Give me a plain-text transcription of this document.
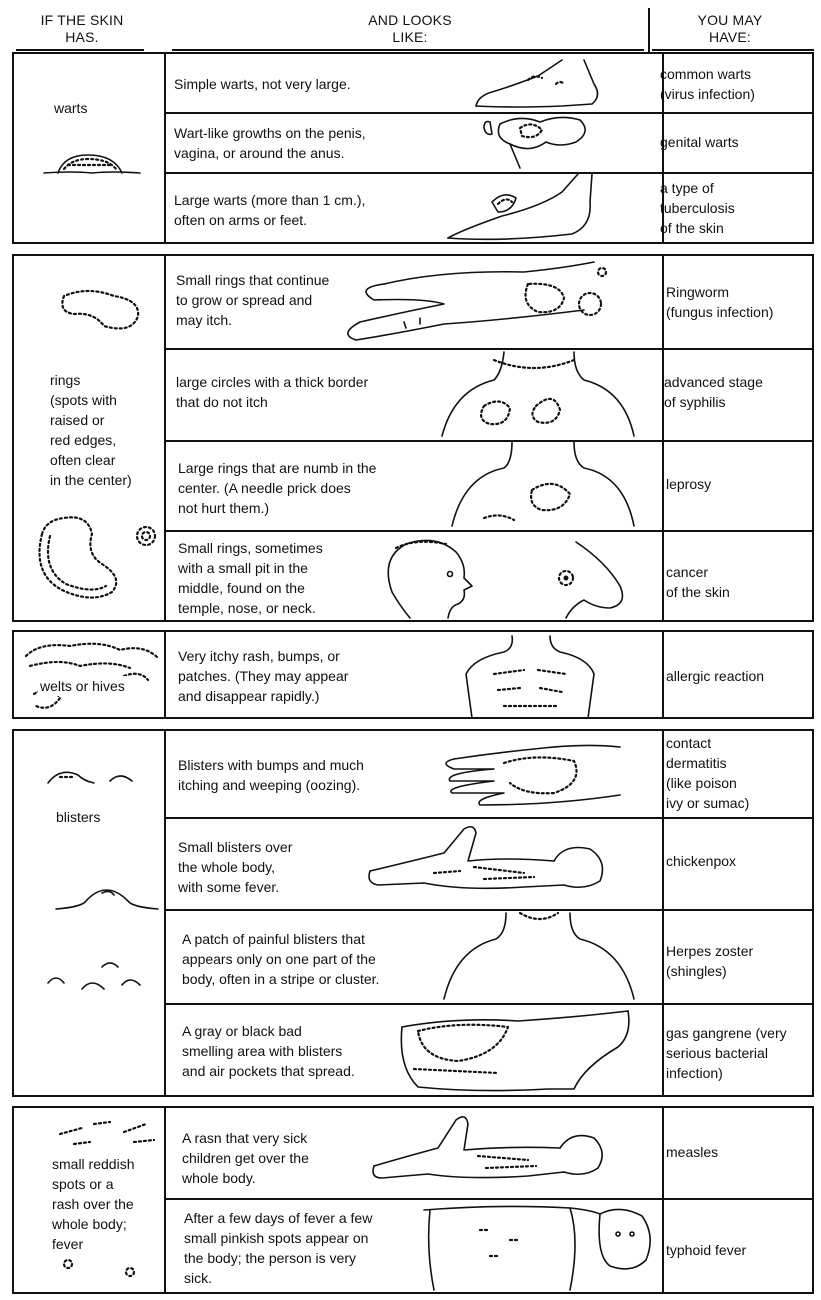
IF THE SKIN
HAS.
AND LOOKS
LIKE:
YOU MAY
HAVE:
warts
Simple warts, not very large.
common warts
(virus infection)
Wart-like growths on the penis,
vagina, or around the anus.
genital warts
Large warts (more than 1 cm.),
often on arms or feet.
a type of
tuberculosis
of the skin
rings
(spots with
raised or
red edges,
often clear
in the center)
Small rings that continue
to grow or spread and
may itch.
Ringworm
(fungus infection)
large circles with a thick border
that do not itch
advanced stage
of syphilis
Large rings that are numb in the
center. (A needle prick does
not hurt them.)
leprosy
Small rings, sometimes
with a small pit in the
middle, found on the
temple, nose, or neck.
cancer
of the skin
welts or hives
Very itchy rash, bumps, or
patches. (They may appear
and disappear rapidly.)
allergic reaction
blisters
Blisters with bumps and much
itching and weeping (oozing).
contact
dermatitis
(like poison
ivy or sumac)
Small blisters over
the whole body,
with some fever.
chickenpox
A patch of painful blisters that
appears only on one part of the
body, often in a stripe or cluster.
Herpes zoster
(shingles)
A gray or black bad
smelling area with blisters
and air pockets that spread.
gas gangrene (very
serious bacterial
infection)
small reddish
spots or a
rash over the
whole body;
fever
A rasn that very sick
children get over the
whole body.
measles
After a few days of fever a few
small pinkish spots appear on
the body; the person is very
sick.
typhoid fever
